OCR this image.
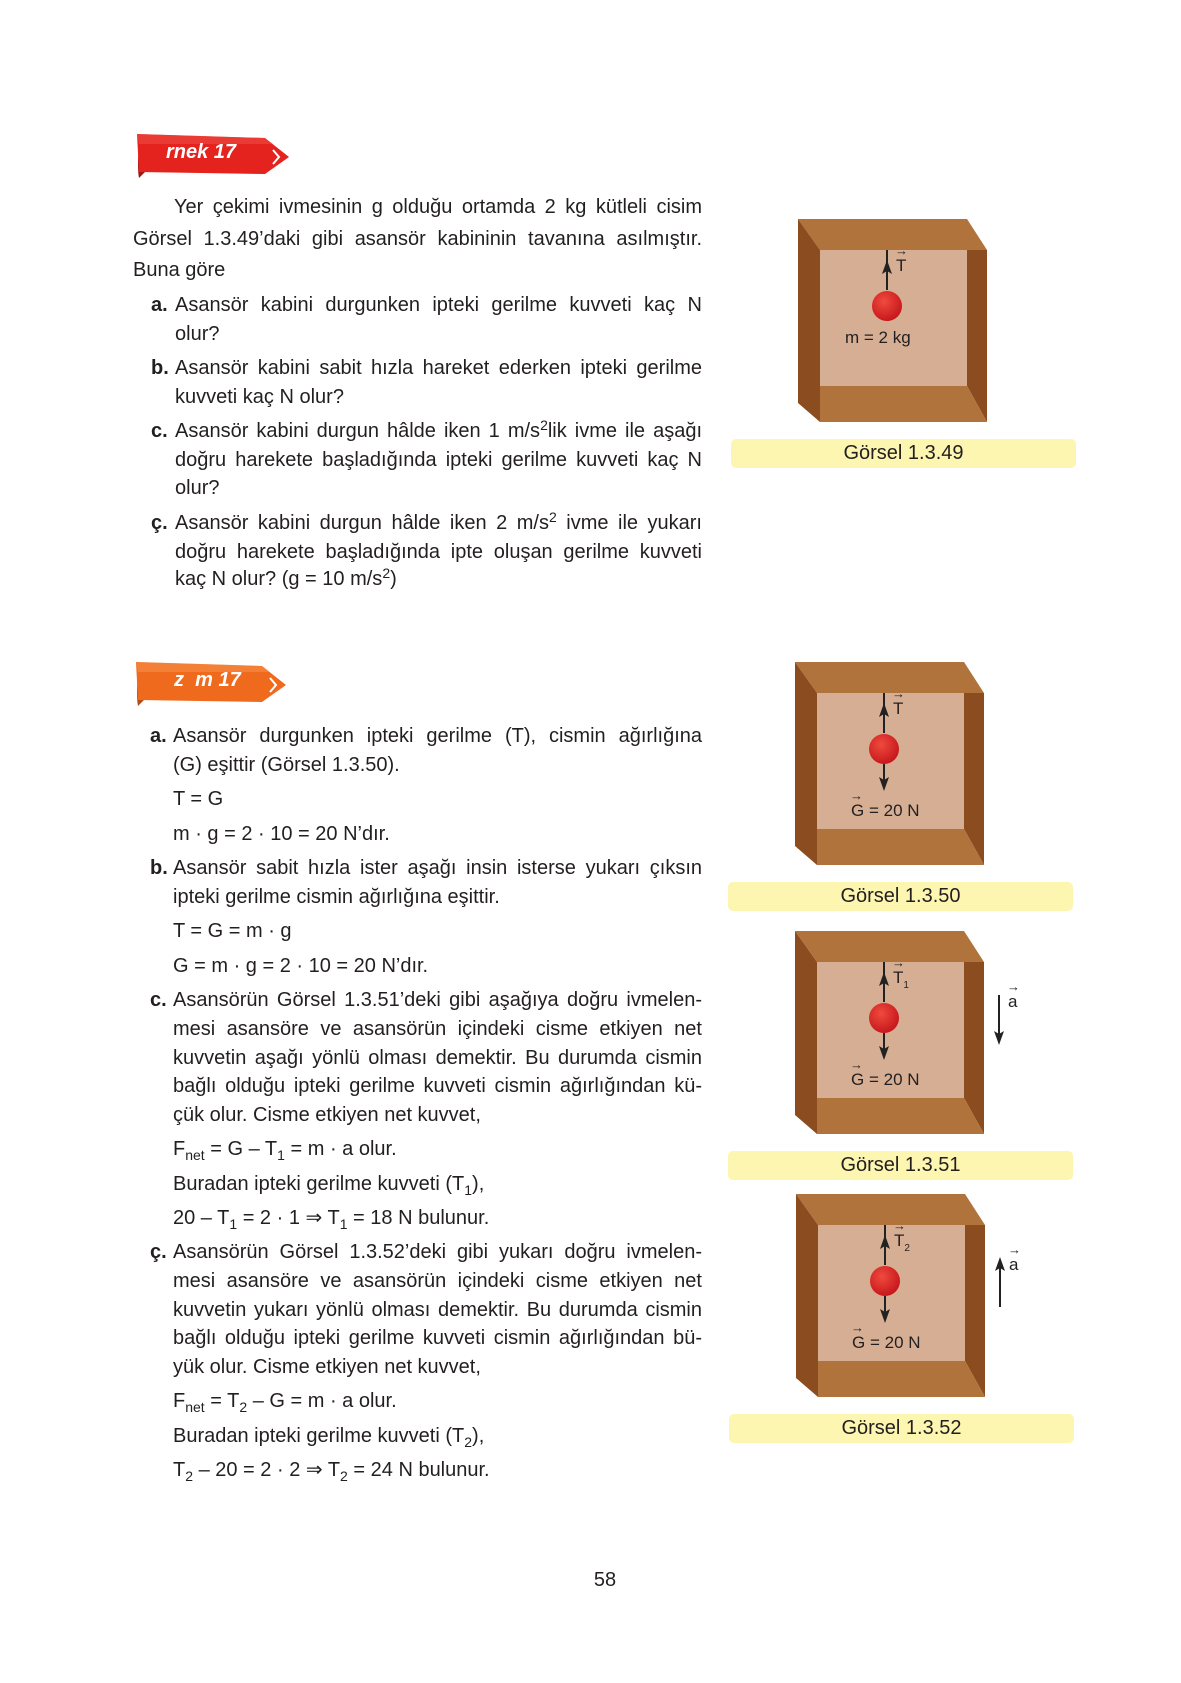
rnek 17
z  m 17
Yer çekimi ivmesinin g olduğu ortamda 2 kg kütleli cisim
Görsel 1.3.49’daki gibi asansör kabininin tavanına asılmıştır.
Buna göre
a. Asansör kabini durgunken ipteki gerilme kuvveti kaç N
olur?
b. Asansör kabini sabit hızla hareket ederken ipteki gerilme
kuvveti kaç N olur?
c. Asansör kabini durgun hâlde iken 1 $m/s^2lik$ ivme ile aşağı
doğru harekete başladığında ipteki gerilme kuvveti kaç N
olur?
ç. Asansör kabini durgun hâlde iken 2 $m/s^2$ ivme ile yukarı
doğru harekete başladığında ipte oluşan gerilme kuvveti
kaç N olur? (g = 10 $m/s^2$)
a. Asansör durgunken ipteki gerilme (T), cismin ağırlığına
(G) eşittir (Görsel 1.3.50).
T = G
m · g = 2 · 10 = 20 N’dır.
b. Asansör sabit hızla ister aşağı insin isterse yukarı çıksın
ipteki gerilme cismin ağırlığına eşittir.
T = G = m · g
G = m · g = 2 · 10 = 20 N’dır.
c. Asansörün Görsel 1.3.51’deki gibi aşağıya doğru ivmelen-
mesi asansöre ve asansörün içindeki cisme etkiyen net
kuvvetin aşağı yönlü olması demektir. Bu durumda cismin
bağlı olduğu ipteki gerilme kuvveti cismin ağırlığından kü-
çük olur. Cisme etkiyen net kuvvet,
$F_{net} = G - T_1 = m \cdot a$ olur.
Buradan ipteki gerilme kuvveti $(T_1)$,
$20 - T_1 = 2 \cdot 1$ ⇒ $T_1 = 18$ N bulunur.
ç. Asansörün Görsel 1.3.52’deki gibi yukarı doğru ivmelen-
mesi asansöre ve asansörün içindeki cisme etkiyen net
kuvvetin yukarı yönlü olması demektir. Bu durumda cismin
bağlı olduğu ipteki gerilme kuvveti cismin ağırlığından bü-
yük olur. Cisme etkiyen net kuvvet,
$F_{net} = T_2 - G = m \cdot a$ olur.
Buradan ipteki gerilme kuvveti $(T_2)$,
$T_2 - 20 = 2 \cdot 2$ ⇒ $T_2 = 24$ N bulunur.
→ T
m = 2 kg
Görsel 1.3.49
→ T
→ G = 20 N
Görsel 1.3.50
→ $T_1$
→ G = 20 N
→ a
Görsel 1.3.51
→ $T_2$
→ G = 20 N
→ a
Görsel 1.3.52
58
